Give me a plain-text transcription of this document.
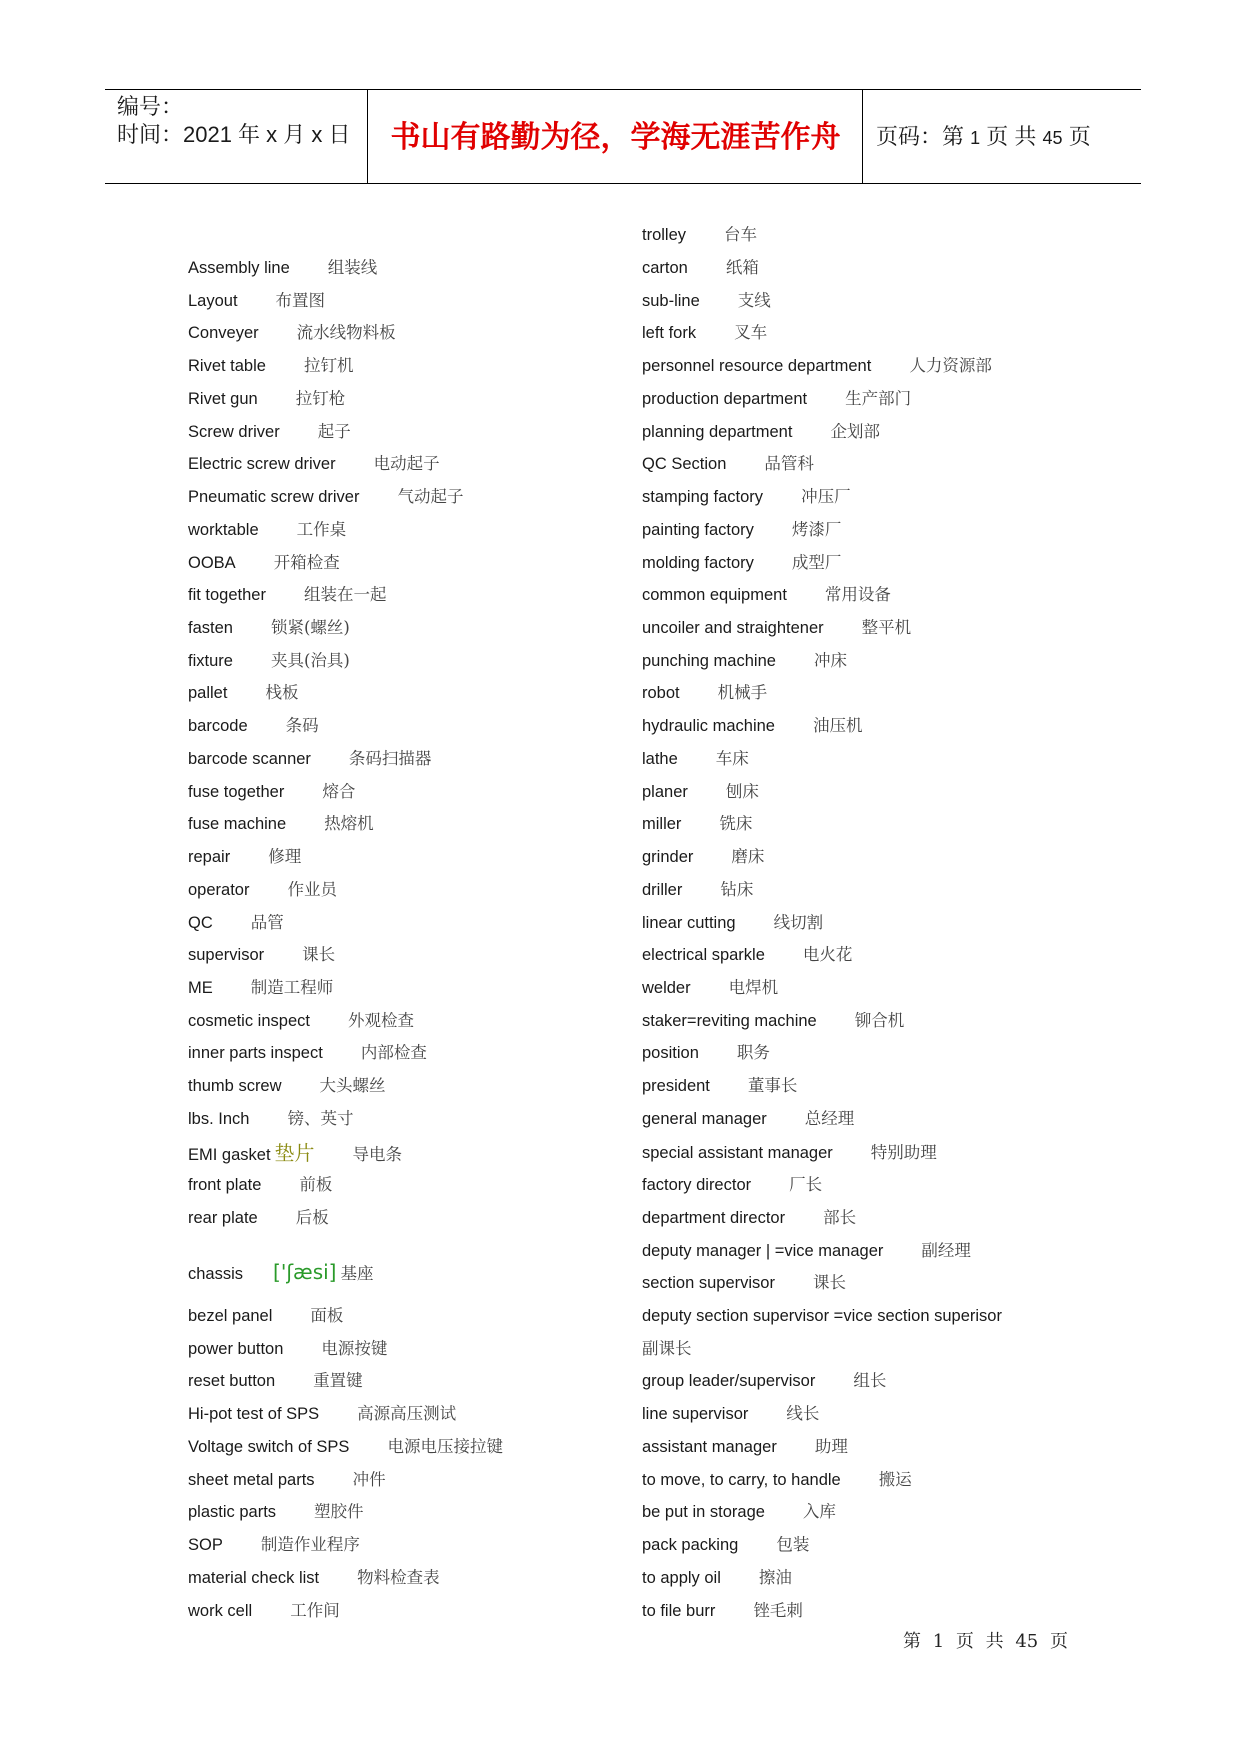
编号：
时间：2021 年 x 月 x 日	书山有路勤为径，学海无涯苦作舟	页码：第 1 页 共 45 页
Assembly line 组装线
Layout 布置图
Conveyer 流水线物料板
Rivet table 拉钉机
Rivet gun 拉钉枪
Screw driver 起子
Electric screw driver 电动起子
Pneumatic screw driver 气动起子
worktable 工作桌
OOBA 开箱检查
fit together 组装在一起
fasten 锁紧(螺丝)
fixture 夹具(治具)
pallet 栈板
barcode 条码
barcode scanner 条码扫描器
fuse together 熔合
fuse machine 热熔机
repair 修理
operator 作业员
QC 品管
supervisor 课长
ME 制造工程师
cosmetic inspect 外观检查
inner parts inspect 内部检查
thumb screw 大头螺丝
lbs. Inch 镑、英寸
EMI gasket 垫片 导电条
front plate 前板
rear plate 后板
chassis ['ʃæsi] 基座
bezel panel 面板
power button 电源按键
reset button 重置键
Hi-pot test of SPS 高源高压测试
Voltage switch of SPS 电源电压接拉键
sheet metal parts 冲件
plastic parts 塑胶件
SOP 制造作业程序
material check list 物料检查表
work cell 工作间
trolley 台车
carton 纸箱
sub-line 支线
left fork 叉车
personnel resource department 人力资源部
production department 生产部门
planning department 企划部
QC Section 品管科
stamping factory 冲压厂
painting factory 烤漆厂
molding factory 成型厂
common equipment 常用设备
uncoiler and straightener 整平机
punching machine 冲床
robot 机械手
hydraulic machine 油压机
lathe 车床
planer 刨床
miller 铣床
grinder 磨床
driller 钻床
linear cutting 线切割
electrical sparkle 电火花
welder 电焊机
staker=reviting machine 铆合机
position 职务
president 董事长
general manager 总经理
special assistant manager 特别助理
factory director 厂长
department director 部长
deputy manager | =vice manager 副经理
section supervisor 课长
deputy section supervisor =vice section superisor
副课长
group leader/supervisor 组长
line supervisor 线长
assistant manager 助理
to move, to carry, to handle 搬运
be put in storage 入库
pack packing 包装
to apply oil 擦油
to file burr 锉毛刺
第 1 页 共 45 页
